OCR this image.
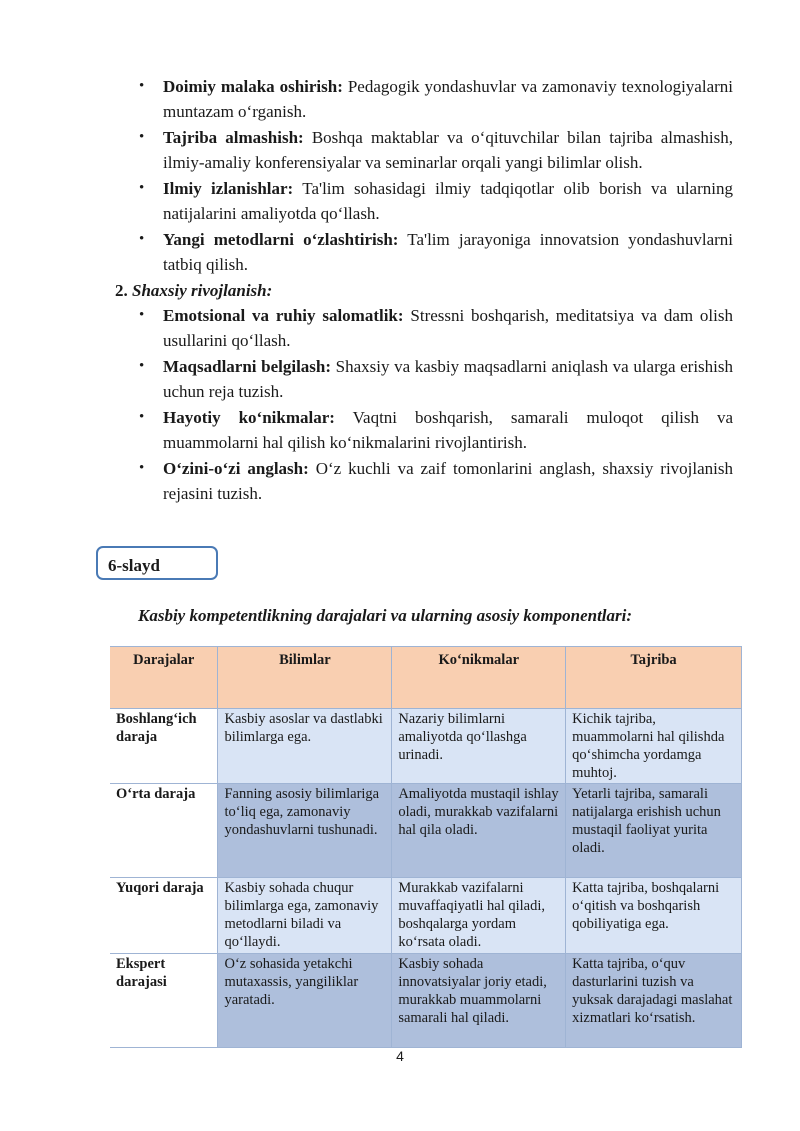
• Doimiy malaka oshirish: Pedagogik yondashuvlar va zamonaviy texnologiyalarni muntazam o‘rganish.
• Tajriba almashish: Boshqa maktablar va o‘qituvchilar bilan tajriba almashish, ilmiy-amaliy konferensiyalar va seminarlar orqali yangi bilimlar olish.
• Ilmiy izlanishlar: Ta'lim sohasidagi ilmiy tadqiqotlar olib borish va ularning natijalarini amaliyotda qo‘llash.
• Yangi metodlarni o‘zlashtirish: Ta'lim jarayoniga innovatsion yondashuvlarni tatbiq qilish.

2. Shaxsiy rivojlanish:

• Emotsional va ruhiy salomatlik: Stressni boshqarish, meditatsiya va dam olish usullarini qo‘llash.
• Maqsadlarni belgilash: Shaxsiy va kasbiy maqsadlarni aniqlash va ularga erishish uchun reja tuzish.
• Hayotiy ko‘nikmalar: Vaqtni boshqarish, samarali muloqot qilish va muammolarni hal qilish ko‘nikmalarini rivojlantirish.
• O‘zini-o‘zi anglash: O‘z kuchli va zaif tomonlarini anglash, shaxsiy rivojlanish rejasini tuzish.
6-slayd
Kasbiy kompetentlikning darajalari va ularning asosiy komponentlari:
Darajalar	Bilimlar	Ko‘nikmalar	Tajriba
Boshlang‘ich daraja	Kasbiy asoslar va dastlabki bilimlarga ega.	Nazariy bilimlarni amaliyotda qo‘llashga urinadi.	Kichik tajriba, muammolarni hal qilishda qo‘shimcha yordamga muhtoj.
O‘rta daraja	Fanning asosiy bilimlariga to‘liq ega, zamonaviy yondashuvlarni tushunadi.	Amaliyotda mustaqil ishlay oladi, murakkab vazifalarni hal qila oladi.	Yetarli tajriba, samarali natijalarga erishish uchun mustaqil faoliyat yurita oladi.
Yuqori daraja	Kasbiy sohada chuqur bilimlarga ega, zamonaviy metodlarni biladi va qo‘llaydi.	Murakkab vazifalarni muvaffaqiyatli hal qiladi, boshqalarga yordam ko‘rsata oladi.	Katta tajriba, boshqalarni o‘qitish va boshqarish qobiliyatiga ega.
Ekspert darajasi	O‘z sohasida yetakchi mutaxassis, yangiliklar yaratadi.	Kasbiy sohada innovatsiyalar joriy etadi, murakkab muammolarni samarali hal qiladi.	Katta tajriba, o‘quv dasturlarini tuzish va yuksak darajadagi maslahat xizmatlari ko‘rsatish.
4
